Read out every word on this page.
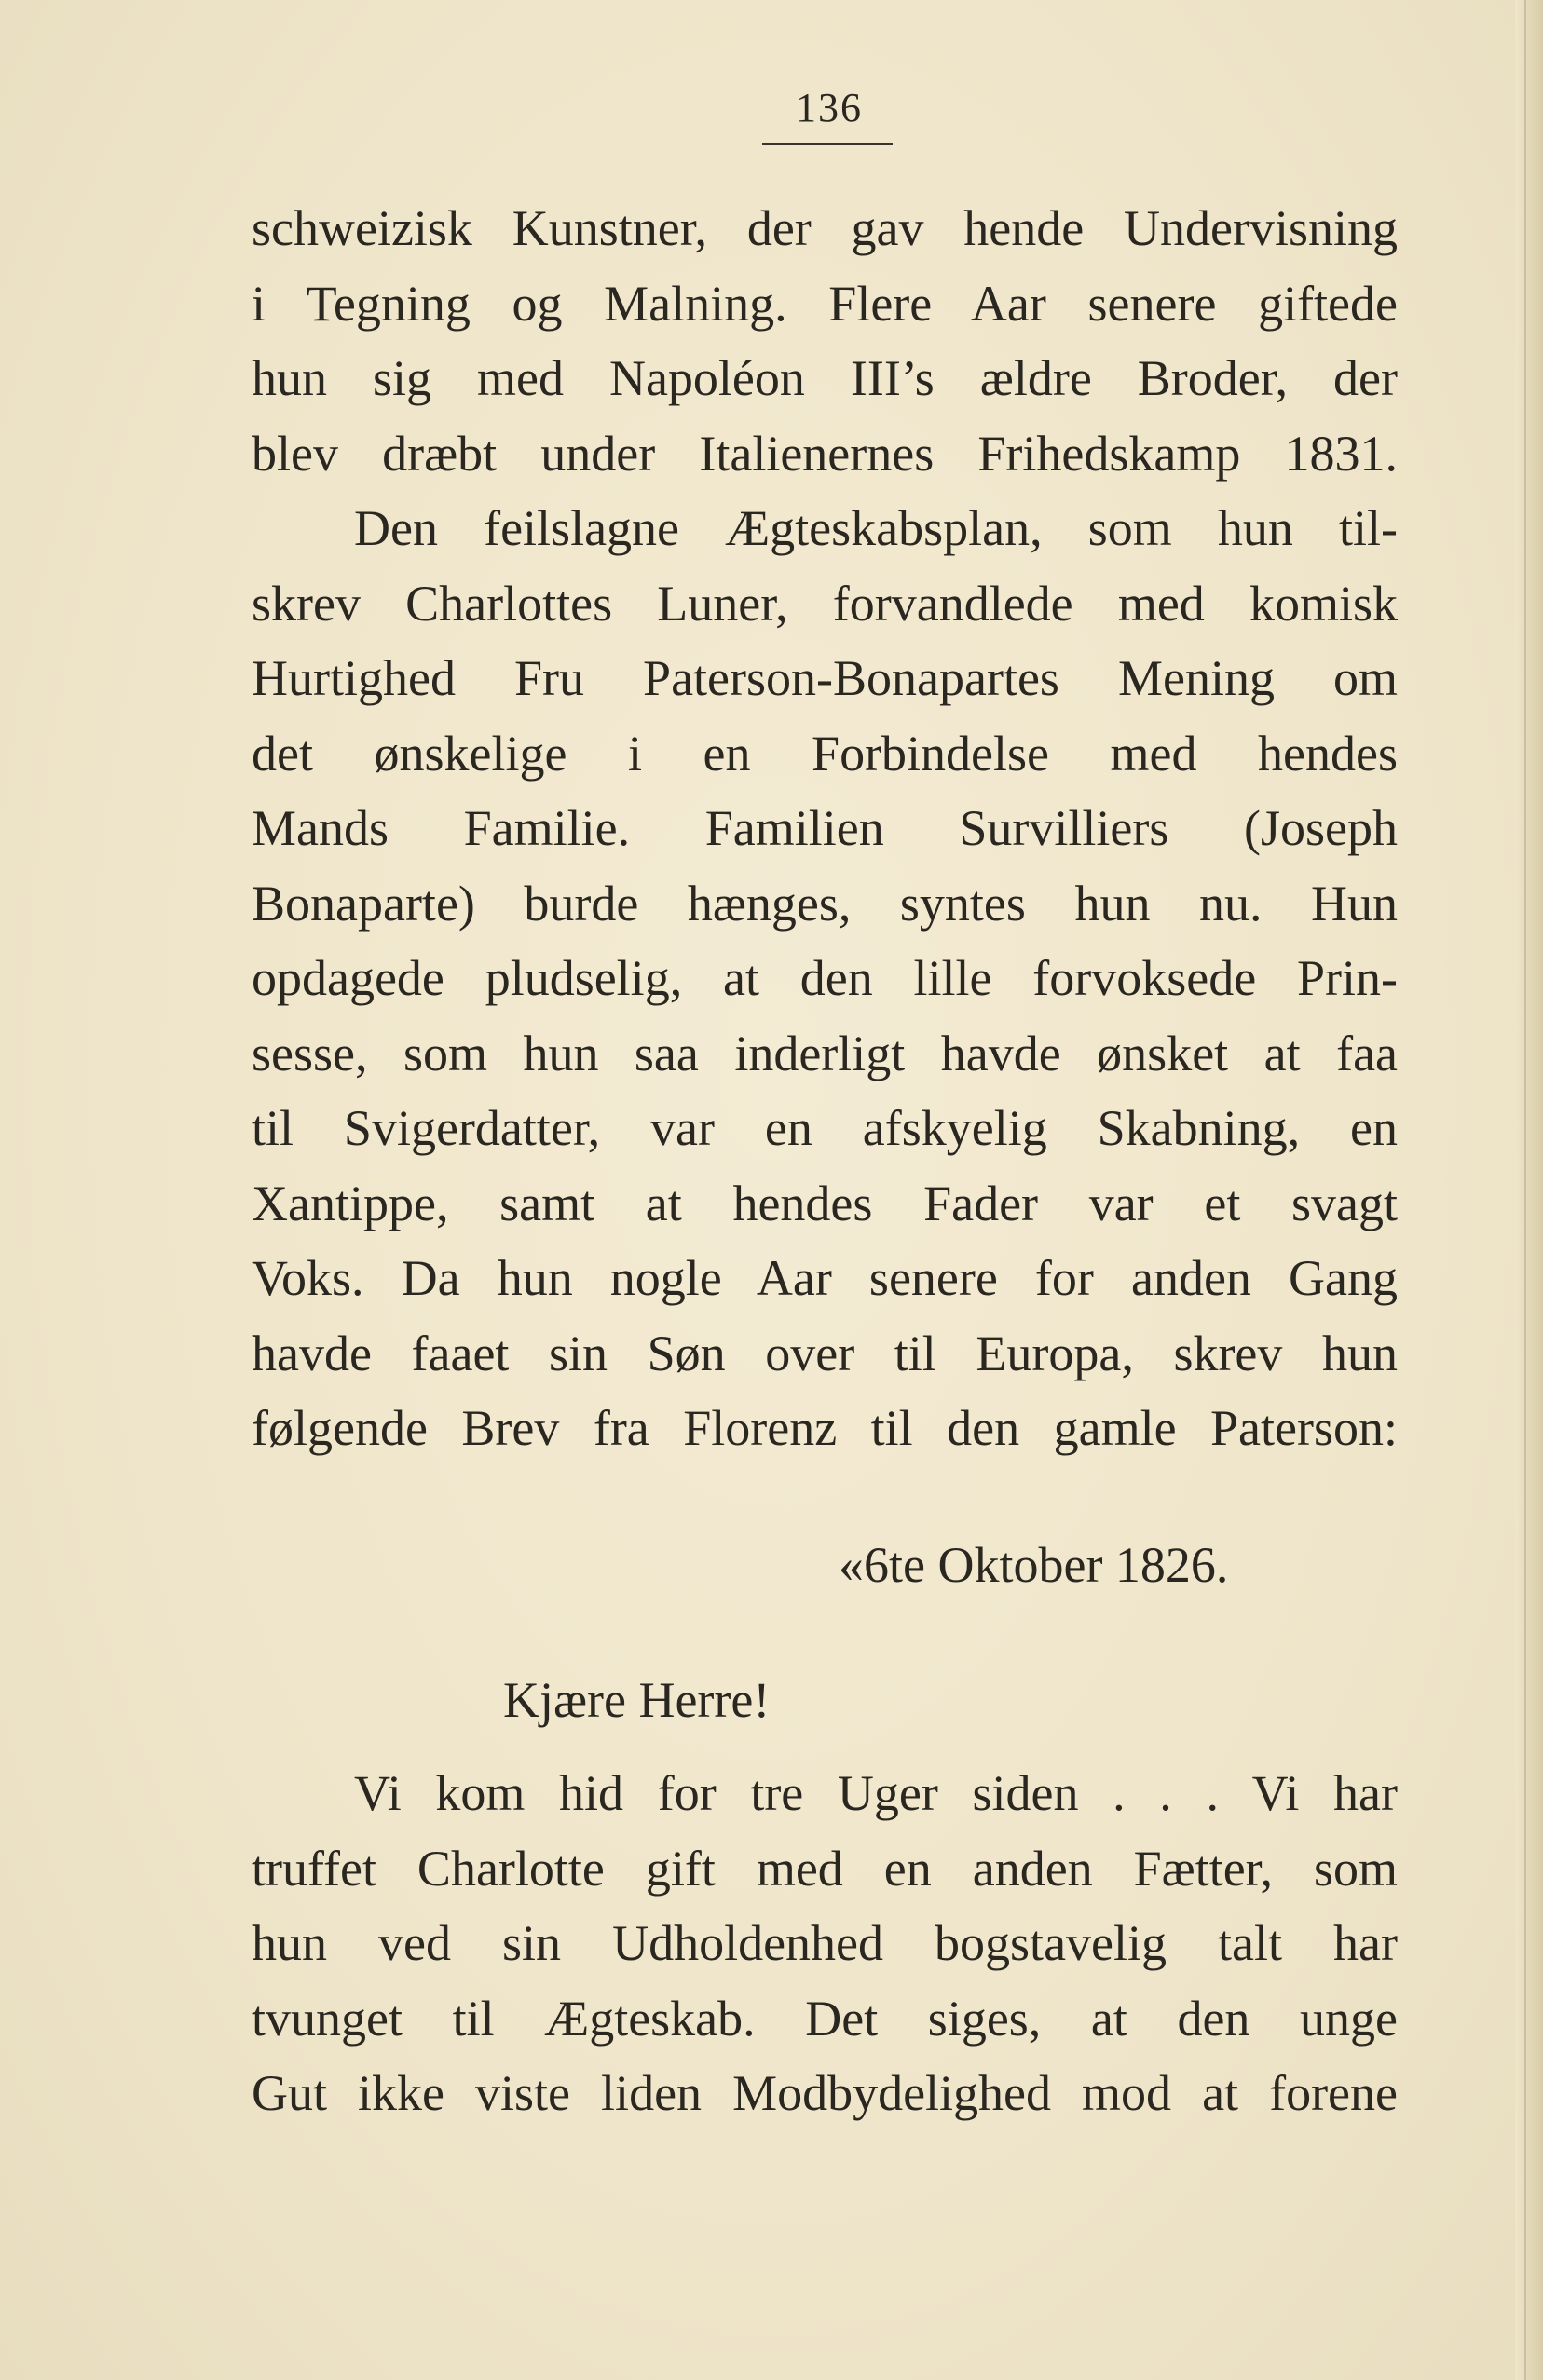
136
schweizisk Kunstner, der gav hende Undervisning
i Tegning og Malning. Flere Aar senere giftede
hun sig med Napoléon III’s ældre Broder, der
blev dræbt under Italienernes Frihedskamp 1831.
Den feilslagne Ægteskabsplan, som hun til-
skrev Charlottes Luner, forvandlede med komisk
Hurtighed Fru Paterson-Bonapartes Mening om
det ønskelige i en Forbindelse med hendes
Mands Familie. Familien Survilliers (Joseph
Bonaparte) burde hænges, syntes hun nu. Hun
opdagede pludselig, at den lille forvoksede Prin-
sesse, som hun saa inderligt havde ønsket at faa
til Svigerdatter, var en afskyelig Skabning, en
Xantippe, samt at hendes Fader var et svagt
Voks. Da hun nogle Aar senere for anden Gang
havde faaet sin Søn over til Europa, skrev hun
følgende Brev fra Florenz til den gamle Paterson:
«6te Oktober 1826.
Kjære Herre!
Vi kom hid for tre Uger siden . . . Vi har
truffet Charlotte gift med en anden Fætter, som
hun ved sin Udholdenhed bogstavelig talt har
tvunget til Ægteskab. Det siges, at den unge
Gut ikke viste liden Modbydelighed mod at forene
